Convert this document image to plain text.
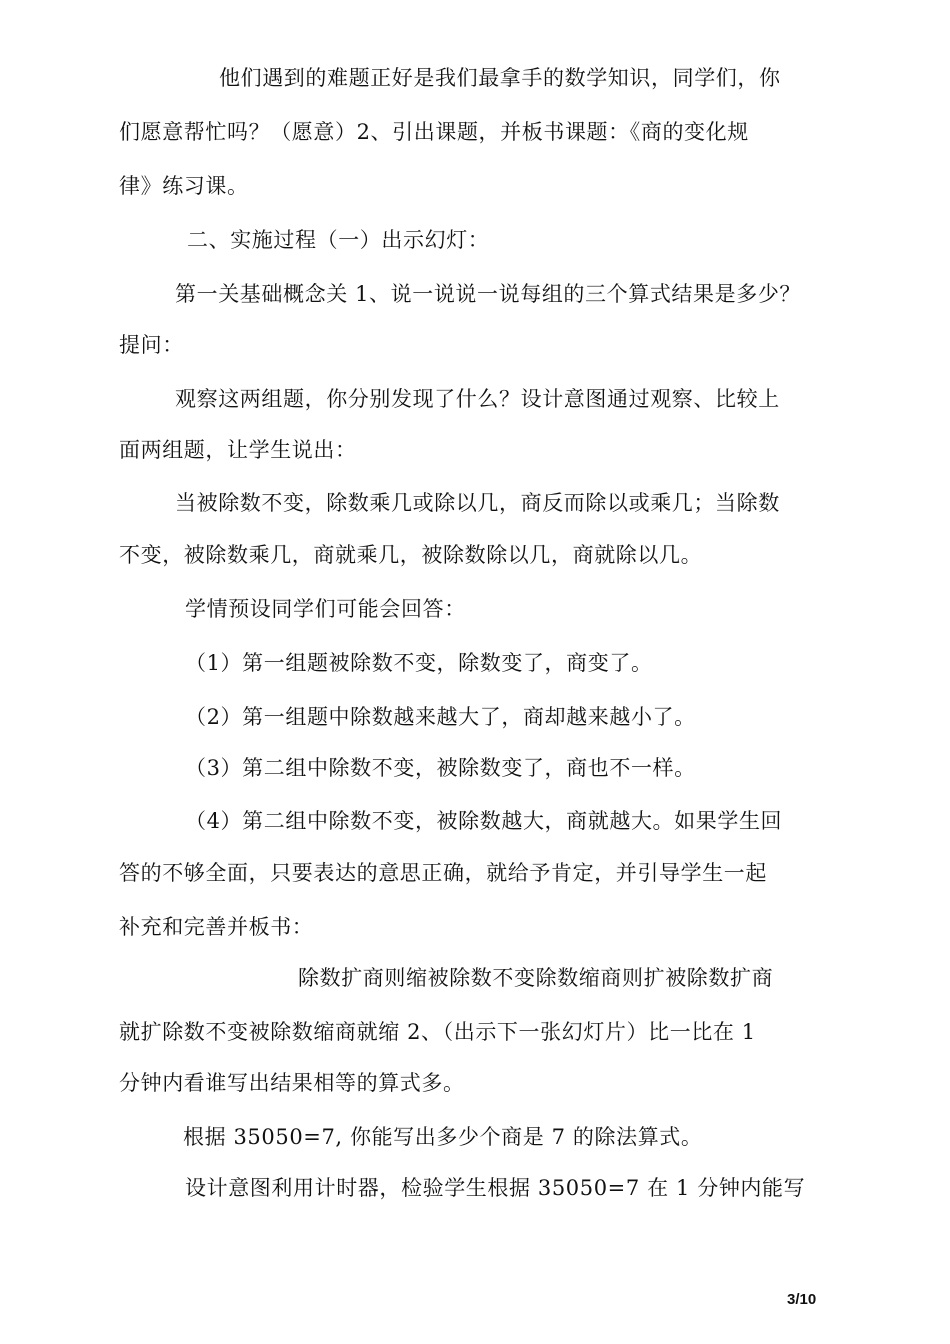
他们遇到的难题正好是我们最拿手的数学知识，同学们，你
们愿意帮忙吗？（愿意）2、引出课题，并板书课题：《商的变化规
律》练习课。
二、实施过程（一）出示幻灯：
第一关基础概念关 1、说一说说一说每组的三个算式结果是多少？
提问：
观察这两组题，你分别发现了什么？设计意图通过观察、比较上
面两组题，让学生说出：
当被除数不变，除数乘几或除以几，商反而除以或乘几；当除数
不变，被除数乘几，商就乘几，被除数除以几，商就除以几。
学情预设同学们可能会回答：
（1）第一组题被除数不变，除数变了，商变了。
（2）第一组题中除数越来越大了，商却越来越小了。
（3）第二组中除数不变，被除数变了，商也不一样。
（4）第二组中除数不变，被除数越大，商就越大。如果学生回
答的不够全面，只要表达的意思正确，就给予肯定，并引导学生一起
补充和完善并板书：
除数扩商则缩被除数不变除数缩商则扩被除数扩商
就扩除数不变被除数缩商就缩 2、（出示下一张幻灯片）比一比在 1
分钟内看谁写出结果相等的算式多。
根据 35050=7, 你能写出多少个商是 7 的除法算式。
设计意图利用计时器，检验学生根据 35050=7 在 1 分钟内能写
3/10
